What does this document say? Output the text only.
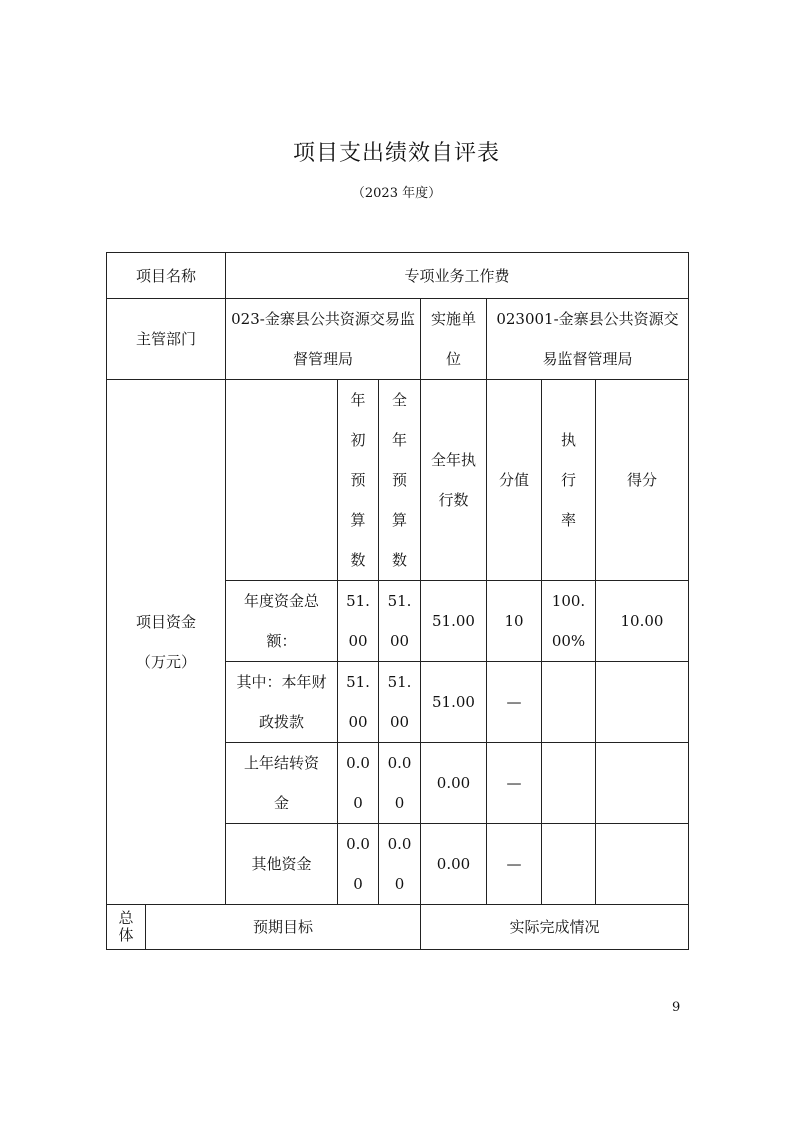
项目支出绩效自评表
（2023 年度）
项目名称		专项业务工作费						
主管部门		023-金寨县公共资源交易监督管理局			实施单位	023001-金寨县公共资源交易监督管理局		
项目资金（万元）			年初预算数	全年预算数	全年执行数	分值	执行率	得分
		年度资金总额：	51.00	51.00	51.00	10	100.00%	10.00
		其中：本年财政拨款	51.00	51.00	51.00	—		
		上年结转资金	0.00	0.00	0.00	—		
		其他资金	0.00	0.00	0.00	—		

总体	预期目标				实际完成情况			
9
